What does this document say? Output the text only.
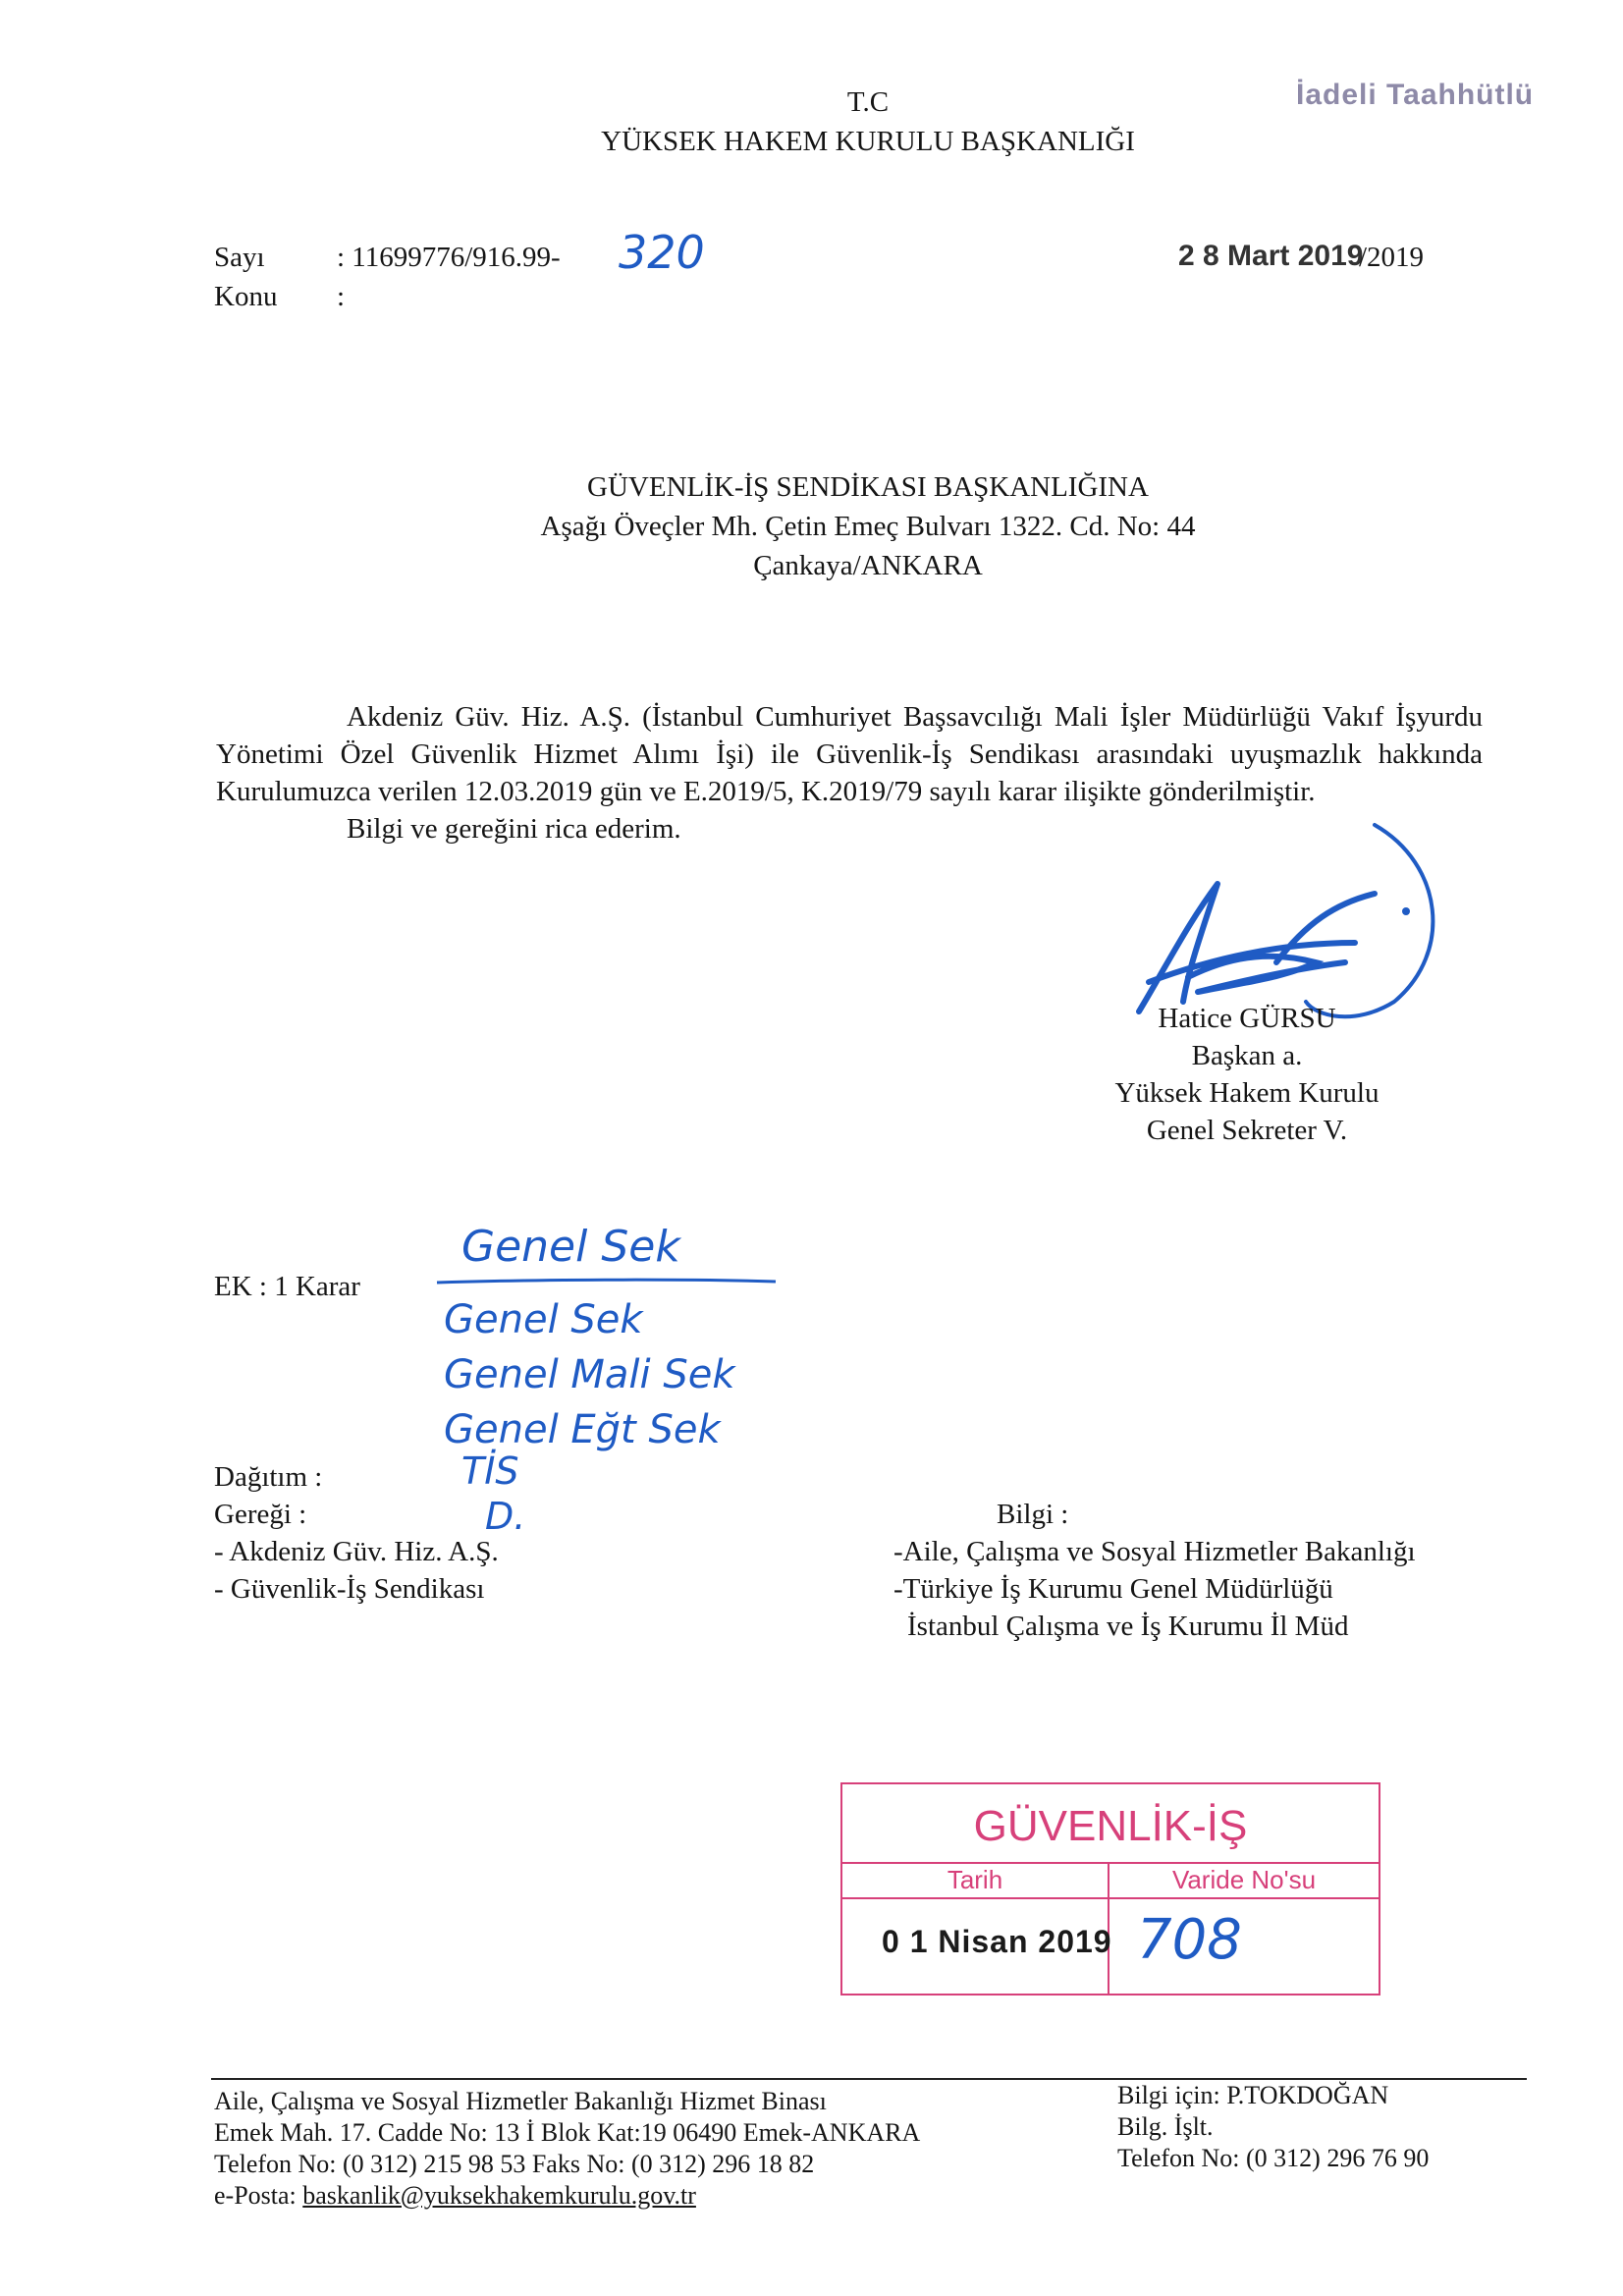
İadeli Taahhütlü
T.C
YÜKSEK HAKEM KURULU BAŞKANLIĞI
Sayı	: 11699776/916.99- 320
Konu :
2 8 Mart 2019
/2019
GÜVENLİK-İŞ SENDİKASI BAŞKANLIĞINA
Aşağı Öveçler Mh. Çetin Emeç Bulvarı 1322. Cd. No: 44
Çankaya/ANKARA

Akdeniz Güv. Hiz. A.Ş. (İstanbul Cumhuriyet Başsavcılığı Mali İşler Müdürlüğü Vakıf İşyurdu Yönetimi Özel Güvenlik Hizmet Alımı İşi) ile Güvenlik-İş Sendikası arasındaki uyuşmazlık hakkında Kurulumuzca verilen 12.03.2019 gün ve E.2019/5, K.2019/79 sayılı karar ilişikte gönderilmiştir.

Bilgi ve gereğini rica ederim.

Hatice GÜRSU
Başkan a.
Yüksek Hakem Kurulu
Genel Sekreter V.
EK : 1 Karar
Genel Sek
Genel Sek
Genel Mali Sek
Genel Eğt Sek
TİS
D.
Dağıtım :
Gereği :
- Akdeniz Güv. Hiz. A.Ş.
- Güvenlik-İş Sendikası
Bilgi :
-Aile, Çalışma ve Sosyal Hizmetler Bakanlığı
-Türkiye İş Kurumu Genel Müdürlüğü
İstanbul Çalışma ve İş Kurumu İl Müd
GÜVENLİK-İŞ
Tarih	Varide No'su
0 1 Nisan 2019 708
Aile, Çalışma ve Sosyal Hizmetler Bakanlığı Hizmet Binası
Emek Mah. 17. Cadde No: 13 İ Blok Kat:19 06490 Emek-ANKARA
Telefon No: (0 312) 215 98 53 Faks No: (0 312) 296 18 82
e-Posta: baskanlik@yuksekhakemkurulu.gov.tr
Bilgi için: P.TOKDOĞAN
Bilg. İşlt.
Telefon No: (0 312) 296 76 90
